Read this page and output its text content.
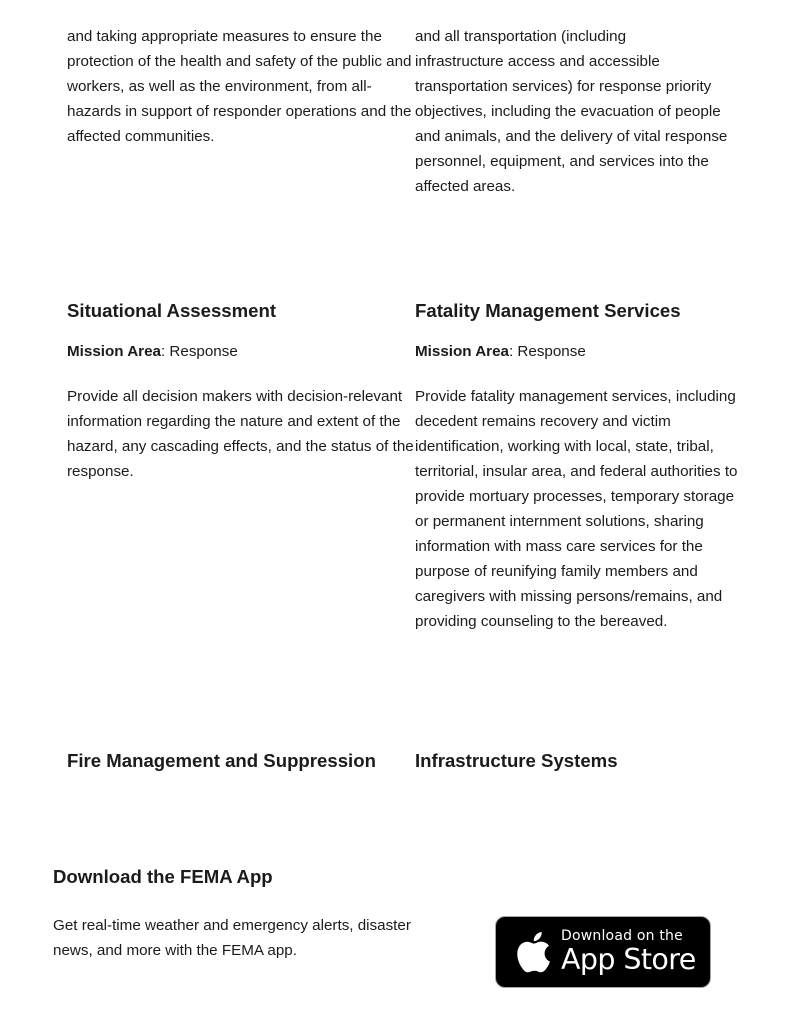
and taking appropriate measures to ensure the

protection of the health and safety of the public and workers, as well as the environment, from all-hazards in support of responder operations and the affected communities.

and all transportation (including

infrastructure access and accessible transportation services) for response priority objectives, including the evacuation of people and animals, and the delivery of vital response personnel, equipment, and services into the affected areas.

Situational Assessment

Mission Area: Response

Provide all decision makers with decision-relevant information regarding the nature and extent of the hazard, any cascading effects, and the status of the response.

Fatality Management Services

Mission Area: Response

Provide fatality management services, including decedent remains recovery and victim identification, working with local, state, tribal, territorial, insular area, and federal authorities to provide mortuary processes, temporary storage or permanent internment solutions, sharing information with mass care services for the purpose of reunifying family members and caregivers with missing persons/remains, and providing counseling to the bereaved.

Fire Management and Suppression	Infrastructure Systems
Download the FEMA App

Get real-time weather and emergency alerts, disaster news, and more with the FEMA app.

Download on the
App Store
